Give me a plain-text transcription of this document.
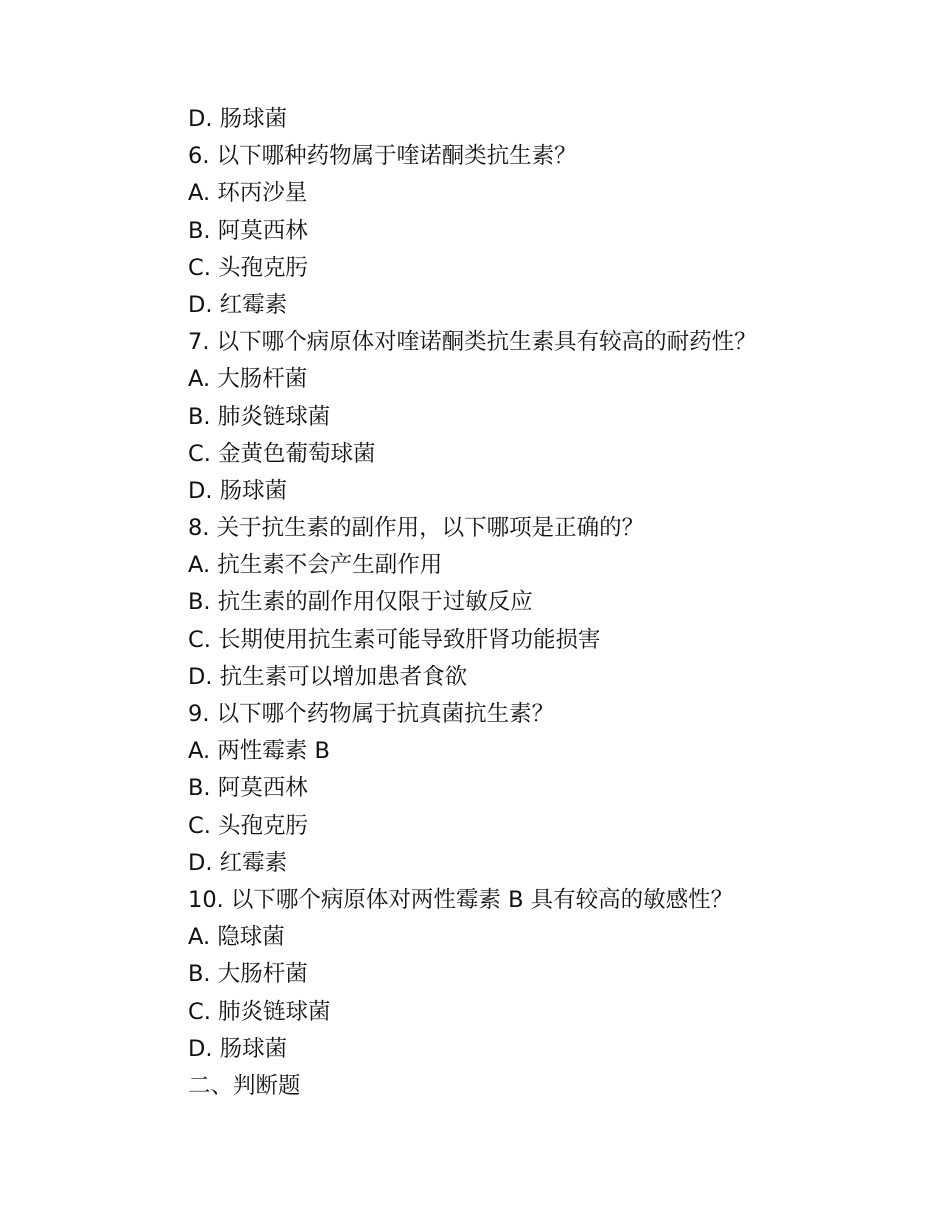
D. 肠球菌
6. 以下哪种药物属于喹诺酮类抗生素？
A. 环丙沙星
B. 阿莫西林
C. 头孢克肟
D. 红霉素
7. 以下哪个病原体对喹诺酮类抗生素具有较高的耐药性？
A. 大肠杆菌
B. 肺炎链球菌
C. 金黄色葡萄球菌
D. 肠球菌
8. 关于抗生素的副作用，以下哪项是正确的？
A. 抗生素不会产生副作用
B. 抗生素的副作用仅限于过敏反应
C. 长期使用抗生素可能导致肝肾功能损害
D. 抗生素可以增加患者食欲
9. 以下哪个药物属于抗真菌抗生素？
A. 两性霉素 B
B. 阿莫西林
C. 头孢克肟
D. 红霉素
10. 以下哪个病原体对两性霉素 B 具有较高的敏感性？
A. 隐球菌
B. 大肠杆菌
C. 肺炎链球菌
D. 肠球菌
二、判断题
